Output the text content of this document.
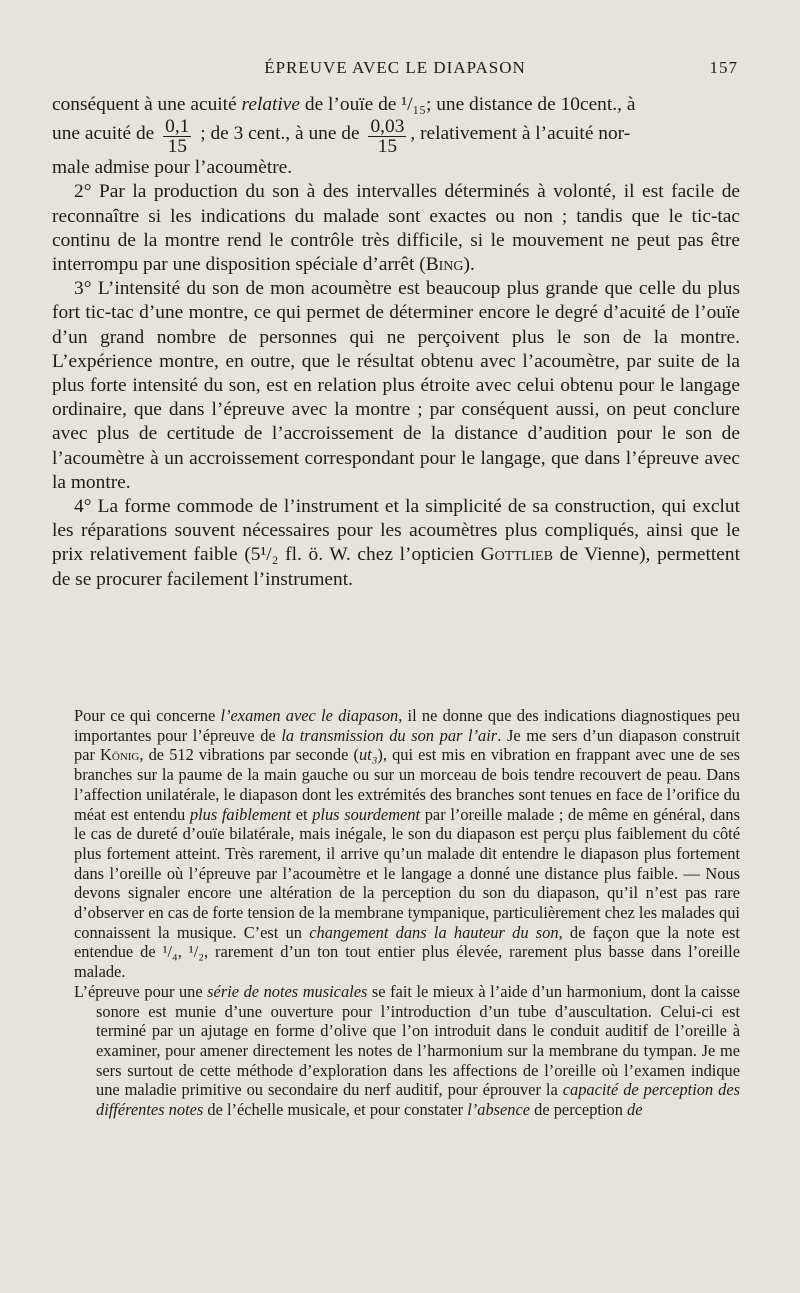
ÉPREUVE AVEC LE DIAPASON	157

conséquent à une acuité relative de l’ouïe de ¹/₁₅; une distance de 10cent., à
une acuité de $\frac{0,1}{15}$ ; de 3 cent., à une de $\frac{0,03}{15}$ , relativement à l’acuité nor-
male admise pour l’acoumètre.

2° Par la production du son à des intervalles déterminés à volonté, il est facile de reconnaître si les indications du malade sont exactes ou non ; tandis que le tic-tac continu de la montre rend le contrôle très difficile, si le mouvement ne peut pas être interrompu par une disposition spéciale d’arrêt (Bing).

3° L’intensité du son de mon acoumètre est beaucoup plus grande que celle du plus fort tic-tac d’une montre, ce qui permet de déterminer encore le degré d’acuité de l’ouïe d’un grand nombre de personnes qui ne perçoivent plus le son de la montre. L’expérience montre, en outre, que le résultat obtenu avec l’acoumètre, par suite de la plus forte intensité du son, est en relation plus étroite avec celui obtenu pour le langage ordinaire, que dans l’épreuve avec la montre ; par conséquent aussi, on peut conclure avec plus de certitude de l’accroissement de la distance d’audition pour le son de l’acoumètre à un accroissement correspondant pour le langage, que dans l’épreuve avec la montre.

4° La forme commode de l’instrument et la simplicité de sa construction, qui exclut les réparations souvent nécessaires pour les acoumètres plus compliqués, ainsi que le prix relativement faible (5¹/₂ fl. ö. W. chez l’opticien Gottlieb de Vienne), permettent de se procurer facilement l’instrument.

Pour ce qui concerne l’examen avec le diapason, il ne donne que des indications diagnostiques peu importantes pour l’épreuve de la transmission du son par l’air. Je me sers d’un diapason construit par König, de 512 vibrations par seconde (ut₃), qui est mis en vibration en frappant avec une de ses branches sur la paume de la main gauche ou sur un morceau de bois tendre recouvert de peau. Dans l’affection unilatérale, le diapason dont les extrémités des branches sont tenues en face de l’orifice du méat est entendu plus faiblement et plus sourdement par l’oreille malade ; de même en général, dans le cas de dureté d’ouïe bilatérale, mais inégale, le son du diapason est perçu plus faiblement du côté plus fortement atteint. Très rarement, il arrive qu’un malade dit entendre le diapason plus fortement dans l’oreille où l’épreuve par l’acoumètre et le langage a donné une distance plus faible. — Nous devons signaler encore une altération de la perception du son du diapason, qu’il n’est pas rare d’observer en cas de forte tension de la membrane tympanique, particulièrement chez les malades qui connaissent la musique. C’est un changement dans la hauteur du son, de façon que la note est entendue de ¹/₄, ¹/₂, rarement d’un ton tout entier plus élevée, rarement plus basse dans l’oreille malade.

L’épreuve pour une série de notes musicales se fait le mieux à l’aide d’un harmonium, dont la caisse sonore est munie d’une ouverture pour l’introduction d’un tube d’auscultation. Celui-ci est terminé par un ajutage en forme d’olive que l’on introduit dans le conduit auditif de l’oreille à examiner, pour amener directement les notes de l’harmonium sur la membrane du tympan. Je me sers surtout de cette méthode d’exploration dans les affections de l’oreille où l’examen indique une maladie primitive ou secondaire du nerf auditif, pour éprouver la capacité de perception des différentes notes de l’échelle musicale, et pour constater l’absence de perception de
